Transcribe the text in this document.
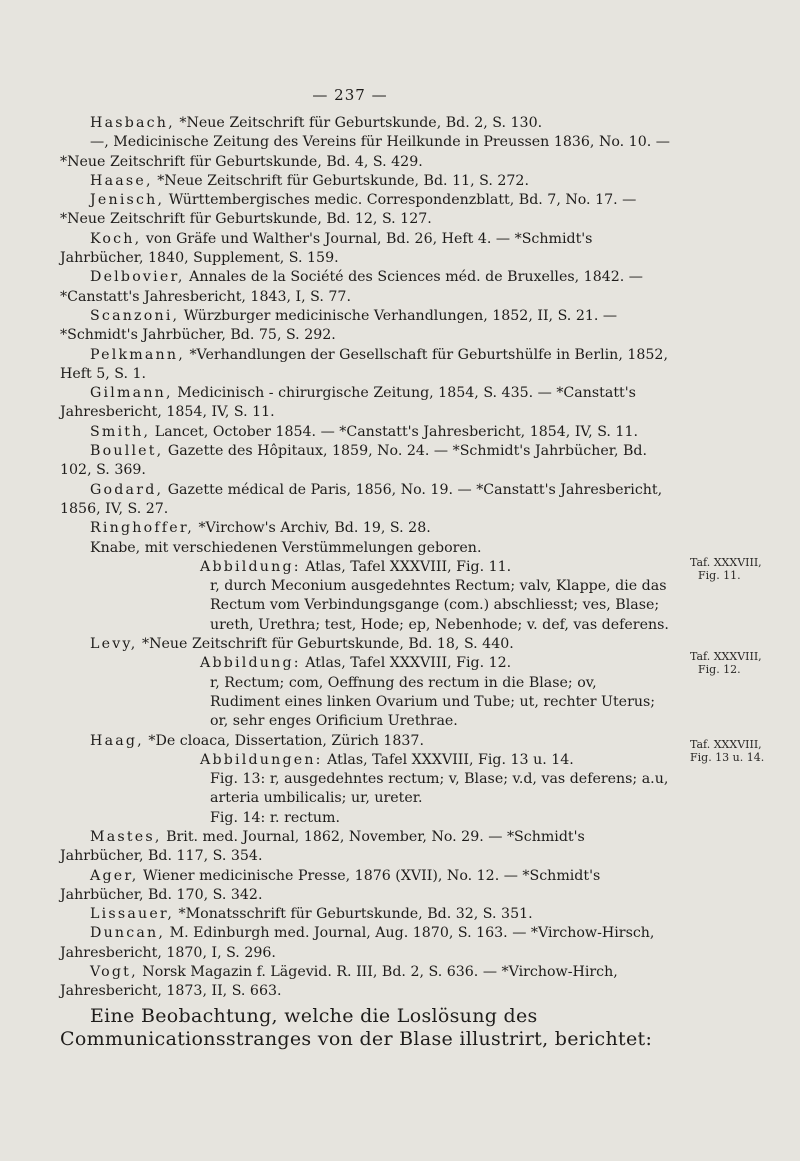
— 237 —
Hasbach, *Neue Zeitschrift für Geburtskunde, Bd. 2, S. 130.
—, Medicinische Zeitung des Vereins für Heilkunde in Preussen 1836, No. 10. — *Neue Zeitschrift für Geburtskunde, Bd. 4, S. 429.
Haase, *Neue Zeitschrift für Geburtskunde, Bd. 11, S. 272.
Jenisch, Württembergisches medic. Correspondenzblatt, Bd. 7, No. 17. — *Neue Zeitschrift für Geburtskunde, Bd. 12, S. 127.
Koch, von Gräfe und Walther's Journal, Bd. 26, Heft 4. — *Schmidt's Jahrbücher, 1840, Supplement, S. 159.
Delbovier, Annales de la Société des Sciences méd. de Bruxelles, 1842. — *Canstatt's Jahresbericht, 1843, I, S. 77.
Scanzoni, Würzburger medicinische Verhandlungen, 1852, II, S. 21. — *Schmidt's Jahrbücher, Bd. 75, S. 292.
Pelkmann, *Verhandlungen der Gesellschaft für Geburtshülfe in Berlin, 1852, Heft 5, S. 1.
Gilmann, Medicinisch - chirurgische Zeitung, 1854, S. 435. — *Canstatt's Jahresbericht, 1854, IV, S. 11.
Smith, Lancet, October 1854. — *Canstatt's Jahresbericht, 1854, IV, S. 11.
Boullet, Gazette des Hôpitaux, 1859, No. 24. — *Schmidt's Jahrbücher, Bd. 102, S. 369.
Godard, Gazette médical de Paris, 1856, No. 19. — *Canstatt's Jahresbericht, 1856, IV, S. 27.
Ringhoffer, *Virchow's Archiv, Bd. 19, S. 28.
Knabe, mit verschiedenen Verstümmelungen geboren.
Abbildung: Atlas, Tafel XXXVIII, Fig. 11.
r, durch Meconium ausgedehntes Rectum; valv, Klappe, die das Rectum vom Verbindungsgange (com.) abschliesst; ves, Blase; ureth, Urethra; test, Hode; ep, Nebenhode; v. def, vas deferens.
Levy, *Neue Zeitschrift für Geburtskunde, Bd. 18, S. 440.
Abbildung: Atlas, Tafel XXXVIII, Fig. 12.
r, Rectum; com, Oeffnung des rectum in die Blase; ov, Rudiment eines linken Ovarium und Tube; ut, rechter Uterus; or, sehr enges Orificium Urethrae.
Haag, *De cloaca, Dissertation, Zürich 1837.
Abbildungen: Atlas, Tafel XXXVIII, Fig. 13 u. 14.
Fig. 13: r, ausgedehntes rectum; v, Blase; v.d, vas deferens; a.u, arteria umbilicalis; ur, ureter.
Fig. 14: r. rectum.
Mastes, Brit. med. Journal, 1862, November, No. 29. — *Schmidt's Jahrbücher, Bd. 117, S. 354.
Ager, Wiener medicinische Presse, 1876 (XVII), No. 12. — *Schmidt's Jahrbücher, Bd. 170, S. 342.
Lissauer, *Monatsschrift für Geburtskunde, Bd. 32, S. 351.
Duncan, M. Edinburgh med. Journal, Aug. 1870, S. 163. — *Virchow-Hirsch, Jahresbericht, 1870, I, S. 296.
Vogt, Norsk Magazin f. Lägevid. R. III, Bd. 2, S. 636. — *Virchow-Hirch, Jahresbericht, 1873, II, S. 663.
Eine Beobachtung, welche die Loslösung des Communicationsstranges von der Blase illustrirt, berichtet:
Taf. XXXVIII,
Fig. 11.
Taf. XXXVIII,
Fig. 12.
Taf. XXXVIII,
Fig. 13 u. 14.
